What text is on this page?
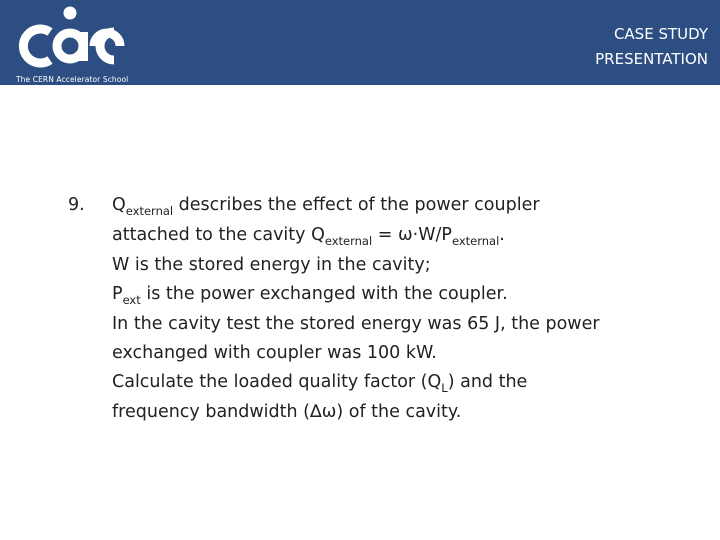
The CERN Accelerator School
CASE STUDY
PRESENTATION
9. $Q_{external}$ describes the effect of the power coupler
attached to the cavity $Q_{external} = \omega\cdot W/P_{external}$.
W is the stored energy in the cavity;
$P_{ext}$ is the power exchanged with the coupler.
In the cavity test the stored energy was 65 J, the power
exchanged with coupler was 100 kW.
Calculate the loaded quality factor $(Q_L)$ and the
frequency bandwidth (∆ω) of the cavity.
